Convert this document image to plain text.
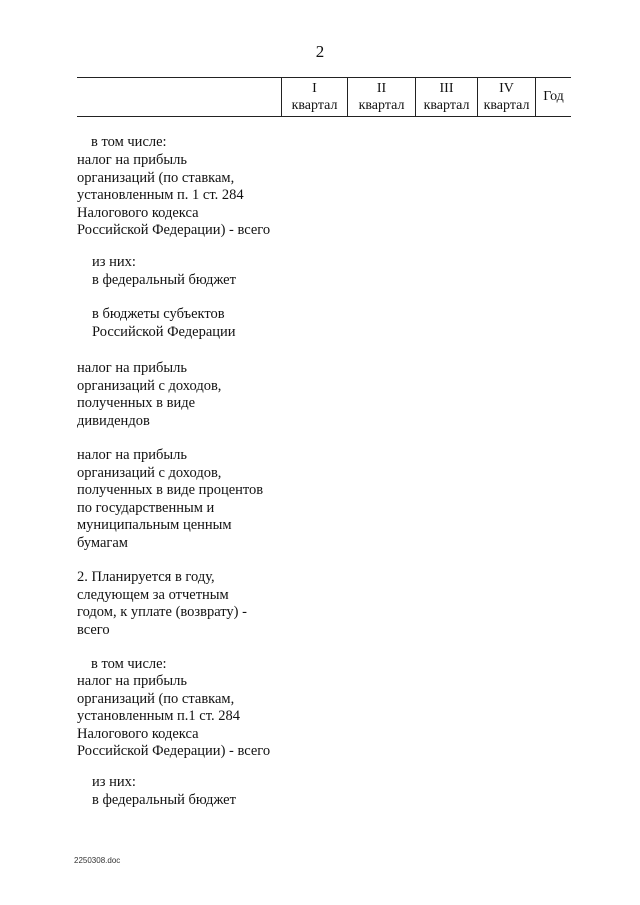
2
I
квартал
II
квартал
III
квартал
IV
квартал
Год
в том числе:
налог на прибыль
организаций (по ставкам,
установленным п. 1 ст. 284
Налогового кодекса
Российской Федерации) - всего
из них:
в федеральный бюджет
в бюджеты субъектов
Российской Федерации
налог на прибыль
организаций с доходов,
полученных в виде
дивидендов
налог на прибыль
организаций с доходов,
полученных в виде процентов
по государственным и
муниципальным ценным
бумагам
2. Планируется в году,
следующем за отчетным
годом, к уплате (возврату) -
всего
в том числе:
налог на прибыль
организаций (по ставкам,
установленным п.1 ст. 284
Налогового кодекса
Российской Федерации) - всего
из них:
в федеральный бюджет
2250308.doc
